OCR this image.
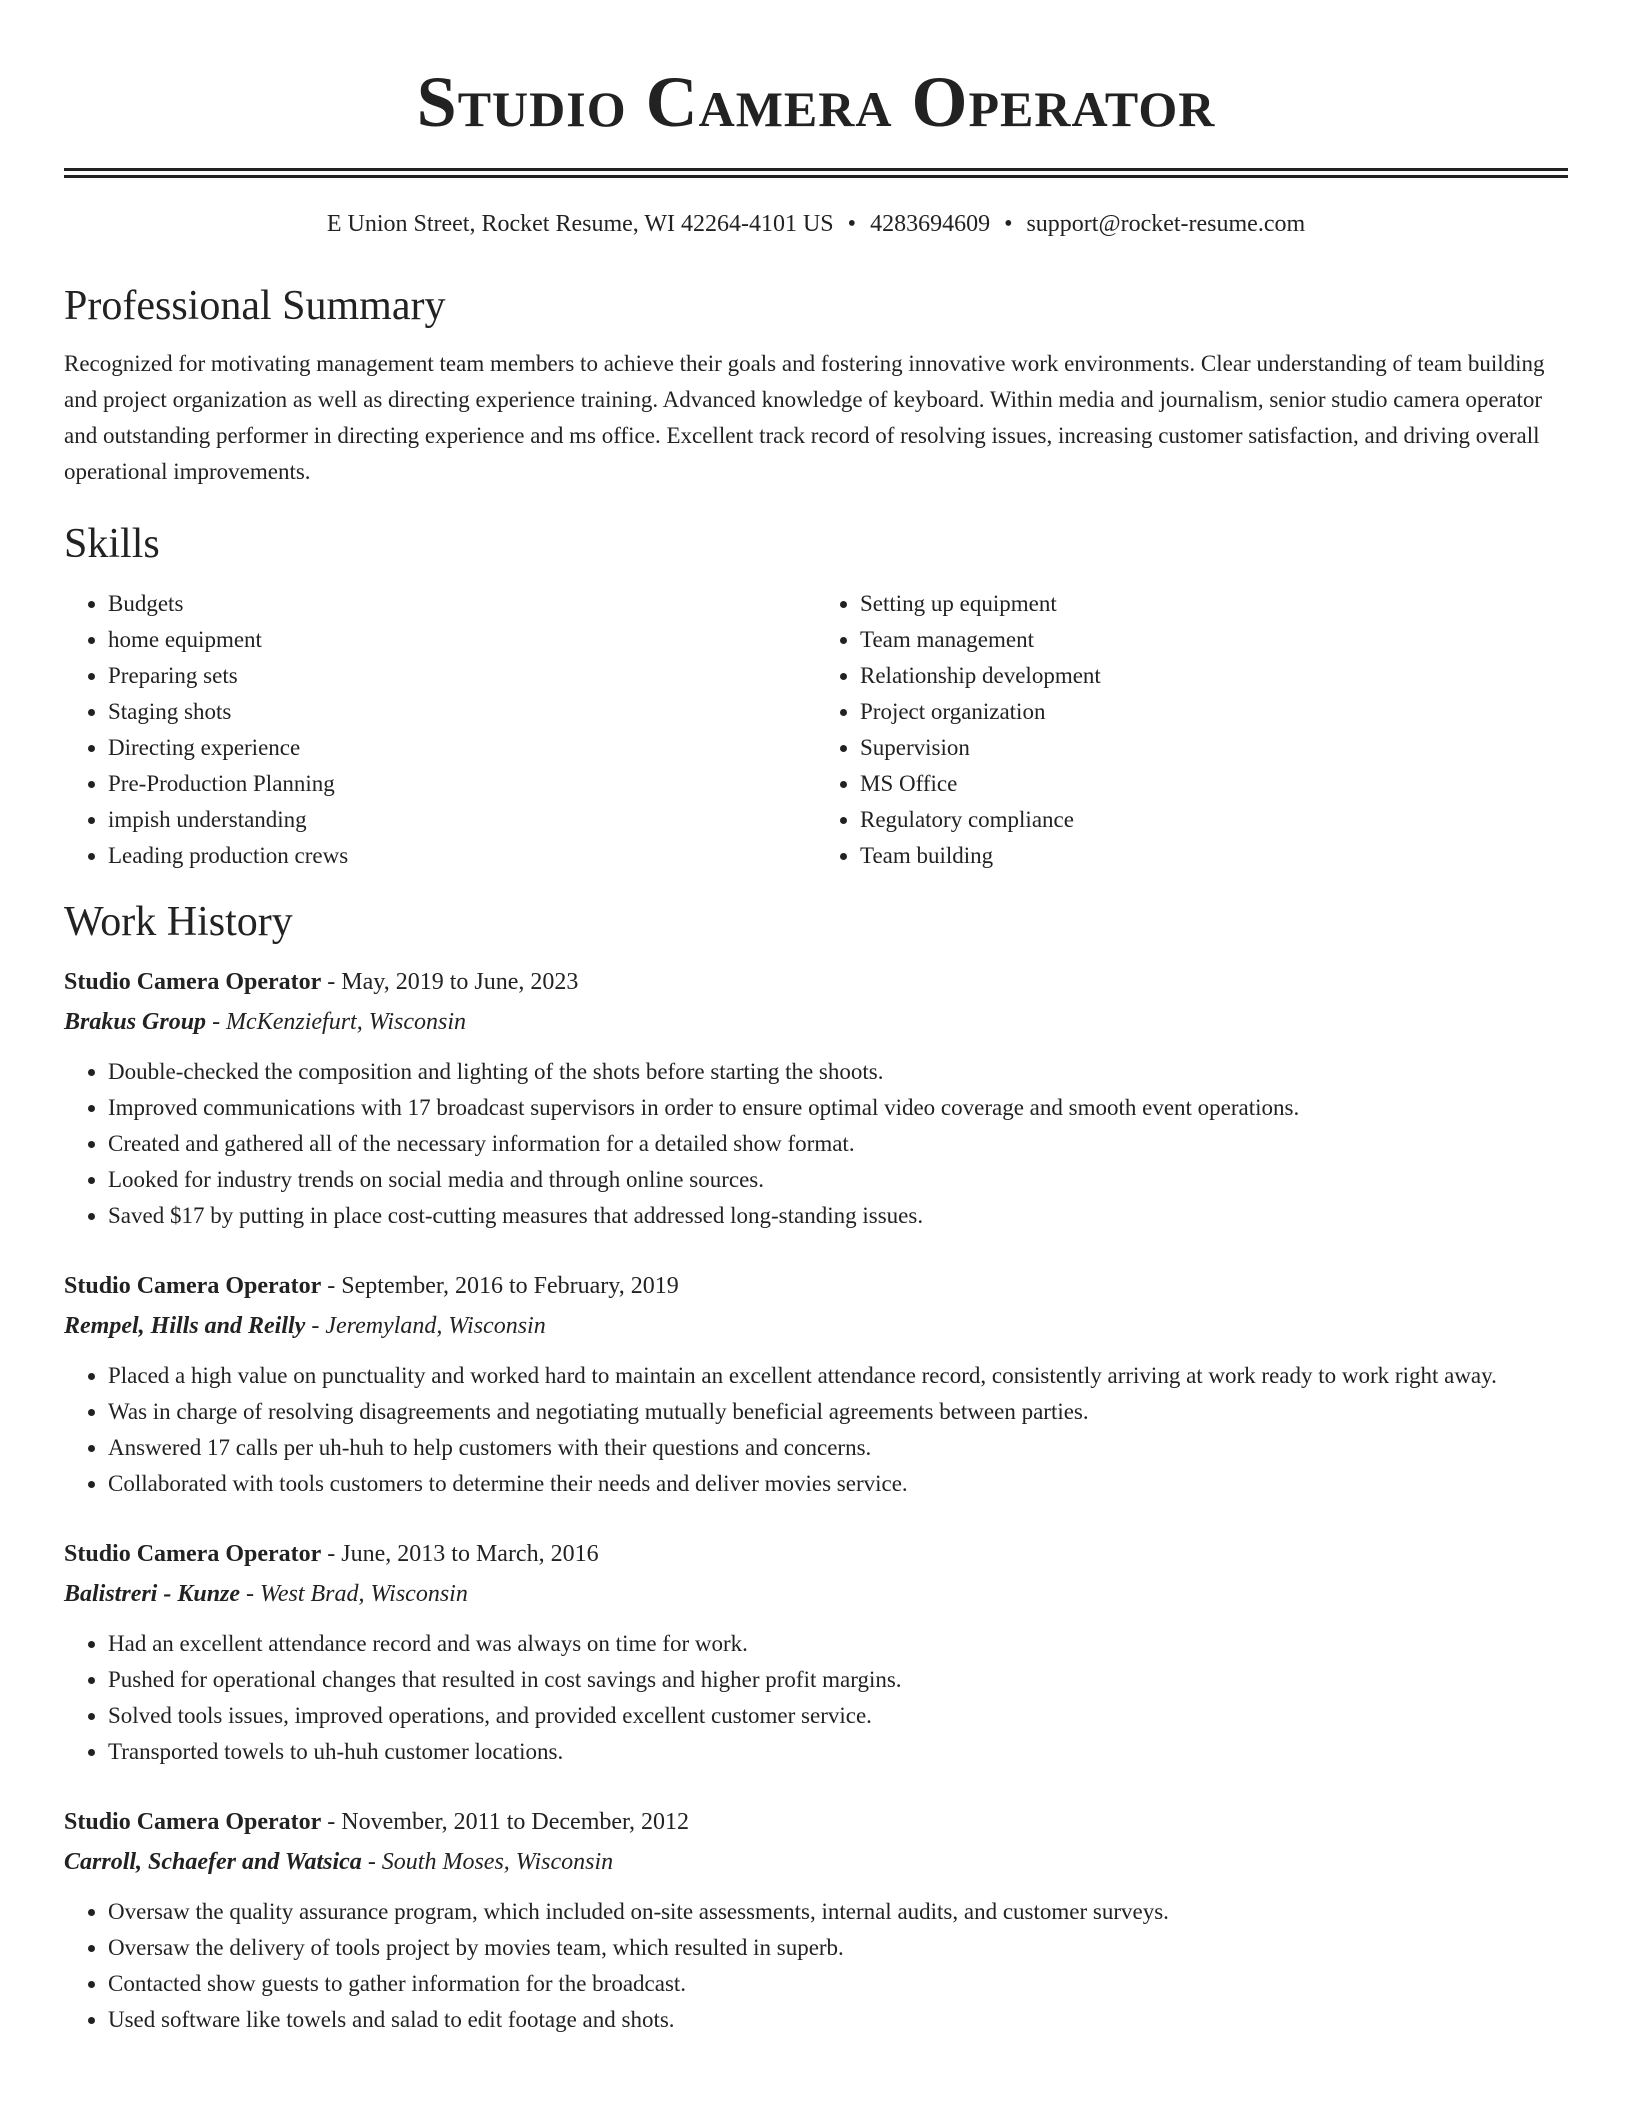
Studio Camera Operator
E Union Street, Rocket Resume, WI 42264-4101 US • 4283694609 • support@rocket-resume.com
Professional Summary
Recognized for motivating management team members to achieve their goals and fostering innovative work environments. Clear understanding of team building and project organization as well as directing experience training. Advanced knowledge of keyboard. Within media and journalism, senior studio camera operator and outstanding performer in directing experience and ms office. Excellent track record of resolving issues, increasing customer satisfaction, and driving overall operational improvements.
Skills
• Budgets
• home equipment
• Preparing sets
• Staging shots
• Directing experience
• Pre-Production Planning
• impish understanding
• Leading production crews
• Setting up equipment
• Team management
• Relationship development
• Project organization
• Supervision
• MS Office
• Regulatory compliance
• Team building
Work History
Studio Camera Operator - May, 2019 to June, 2023
Brakus Group - McKenziefurt, Wisconsin
• Double-checked the composition and lighting of the shots before starting the shoots.
• Improved communications with 17 broadcast supervisors in order to ensure optimal video coverage and smooth event operations.
• Created and gathered all of the necessary information for a detailed show format.
• Looked for industry trends on social media and through online sources.
• Saved $17 by putting in place cost-cutting measures that addressed long-standing issues.
Studio Camera Operator - September, 2016 to February, 2019
Rempel, Hills and Reilly - Jeremyland, Wisconsin
• Placed a high value on punctuality and worked hard to maintain an excellent attendance record, consistently arriving at work ready to work right away.
• Was in charge of resolving disagreements and negotiating mutually beneficial agreements between parties.
• Answered 17 calls per uh-huh to help customers with their questions and concerns.
• Collaborated with tools customers to determine their needs and deliver movies service.
Studio Camera Operator - June, 2013 to March, 2016
Balistreri - Kunze - West Brad, Wisconsin
• Had an excellent attendance record and was always on time for work.
• Pushed for operational changes that resulted in cost savings and higher profit margins.
• Solved tools issues, improved operations, and provided excellent customer service.
• Transported towels to uh-huh customer locations.
Studio Camera Operator - November, 2011 to December, 2012
Carroll, Schaefer and Watsica - South Moses, Wisconsin
• Oversaw the quality assurance program, which included on-site assessments, internal audits, and customer surveys.
• Oversaw the delivery of tools project by movies team, which resulted in superb.
• Contacted show guests to gather information for the broadcast.
• Used software like towels and salad to edit footage and shots.
